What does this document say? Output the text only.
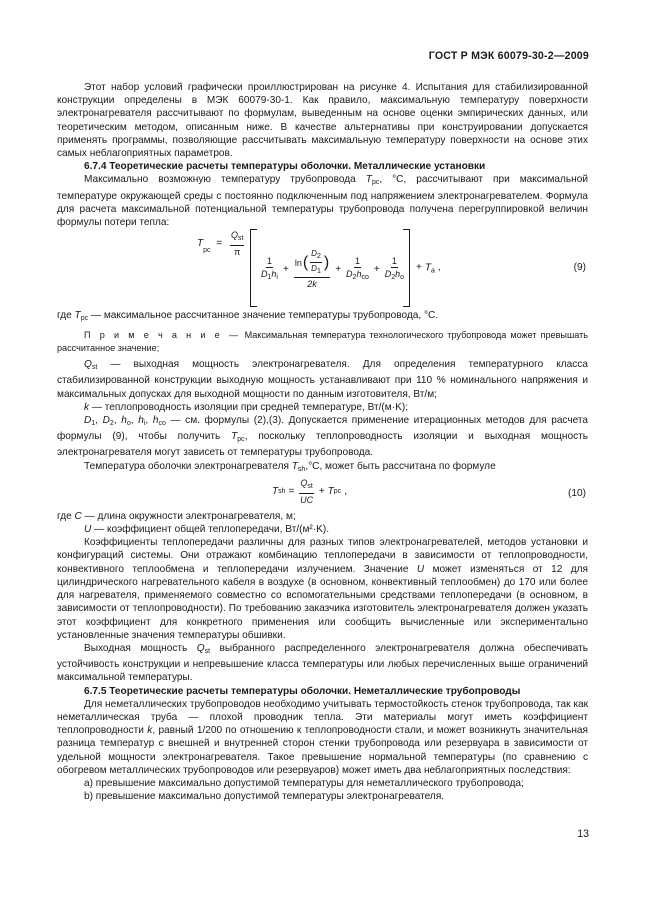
ГОСТ Р МЭК 60079-30-2—2009

Этот набор условий графически проиллюстрирован на рисунке 4. Испытания для стабилизированной конструкции определены в МЭК 60079-30-1. Как правило, максимальную температуру поверхности электронагревателя рассчитывают по формулам, выведенным на основе оценки эмпирических данных, или теоретическим методом, описанным ниже. В качестве альтернативы при конструировании допускается применять программы, позволяющие рассчитывать максимальную температуру поверхности на основе этих самых неблагоприятных параметров.

6.7.4 Теоретические расчеты температуры оболочки. Металлические установки

Максимально возможную температуру трубопровода $T_{pc}$, °C, рассчитывают при максимальной температуре окружающей среды с постоянно подключенным под напряжением электронагревателем. Формула для расчета максимальной потенциальной температуры трубопровода получена перегруппировкой величин формулы потери тепла:

$T_{pc}$ =
$Q_{st}$
π
1
$D_1h_i$
+
ln ( $D_2$
$D_1$
)
2k
+
1
$D_2h_{co}$
+ $\frac{1}{D_2h_o}$	+ $T_a$ ,	(9)

где $T_{pc}$ — максимальное рассчитанное значение температуры трубопровода, °C.

П р и м е ч а н и е — Максимальная температура технологического трубопровода может превышать рассчитанное значение;

$Q_{st}$ — выходная мощность электронагревателя. Для определения температурного класса стабилизированной конструкции выходную мощность устанавливают при 110 % номинального напряжения и максимальных допусках для выходной мощности по данным изготовителя, Вт/м;

k — теплопроводность изоляции при средней температуре, Вт/(м·K);

$D_1$, $D_2$, $h_o$, $h_i$, $h_{co}$ — см. формулы (2),(3). Допускается применение итерационных методов для расчета формулы (9), чтобы получить $T_{pc}$, поскольку теплопроводность изоляции и выходная мощность электронагревателя могут зависеть от температуры трубопровода.

Температура оболочки электронагревателя $T_{sh},^\circ C$, может быть рассчитана по формуле

T sh =
$Q_{st}$
UC
+ T pc ,	(10)

где C — длина окружности электронагревателя, м;

U — коэффициент общей теплопередачи, Вт/(м²·K).

Коэффициенты теплопередачи различны для разных типов электронагревателей, методов установки и конфигураций системы. Они отражают комбинацию теплопередачи в зависимости от теплопроводности, конвективного теплообмена и теплопередачи излучением. Значение U может изменяться от 12 для цилиндрического нагревательного кабеля в воздухе (в основном, конвективный теплообмен) до 170 или более для нагревателя, применяемого совместно со вспомогательными средствами теплопередачи (в основном, в зависимости от теплопроводности). По требованию заказчика изготовитель электронагревателя должен указать этот коэффициент для конкретного применения или сообщить вычисленные или экспериментально установленные значения температуры обшивки.

Выходная мощность $Q_{st}$ выбранного распределенного электронагревателя должна обеспечивать устойчивость конструкции и непревышение класса температуры или любых перечисленных выше ограничений максимальной температуры.

6.7.5 Теоретические расчеты температуры оболочки. Неметаллические трубопроводы

Для неметаллических трубопроводов необходимо учитывать термостойкость стенок трубопровода, так как неметаллическая труба — плохой проводник тепла. Эти материалы могут иметь коэффициент теплопроводности k, равный 1/200 по отношению к теплопроводности стали, и может возникнуть значительная разница температур с внешней и внутренней сторон стенки трубопровода или резервуара в зависимости от удельной мощности электронагревателя. Такое превышение нормальной температуры (по сравнению с обогревом металлических трубопроводов или резервуаров) может иметь два неблагоприятных последствия:

a) превышение максимально допустимой температуры для неметаллического трубопровода;

b) превышение максимально допустимой температуры электронагревателя.

13
